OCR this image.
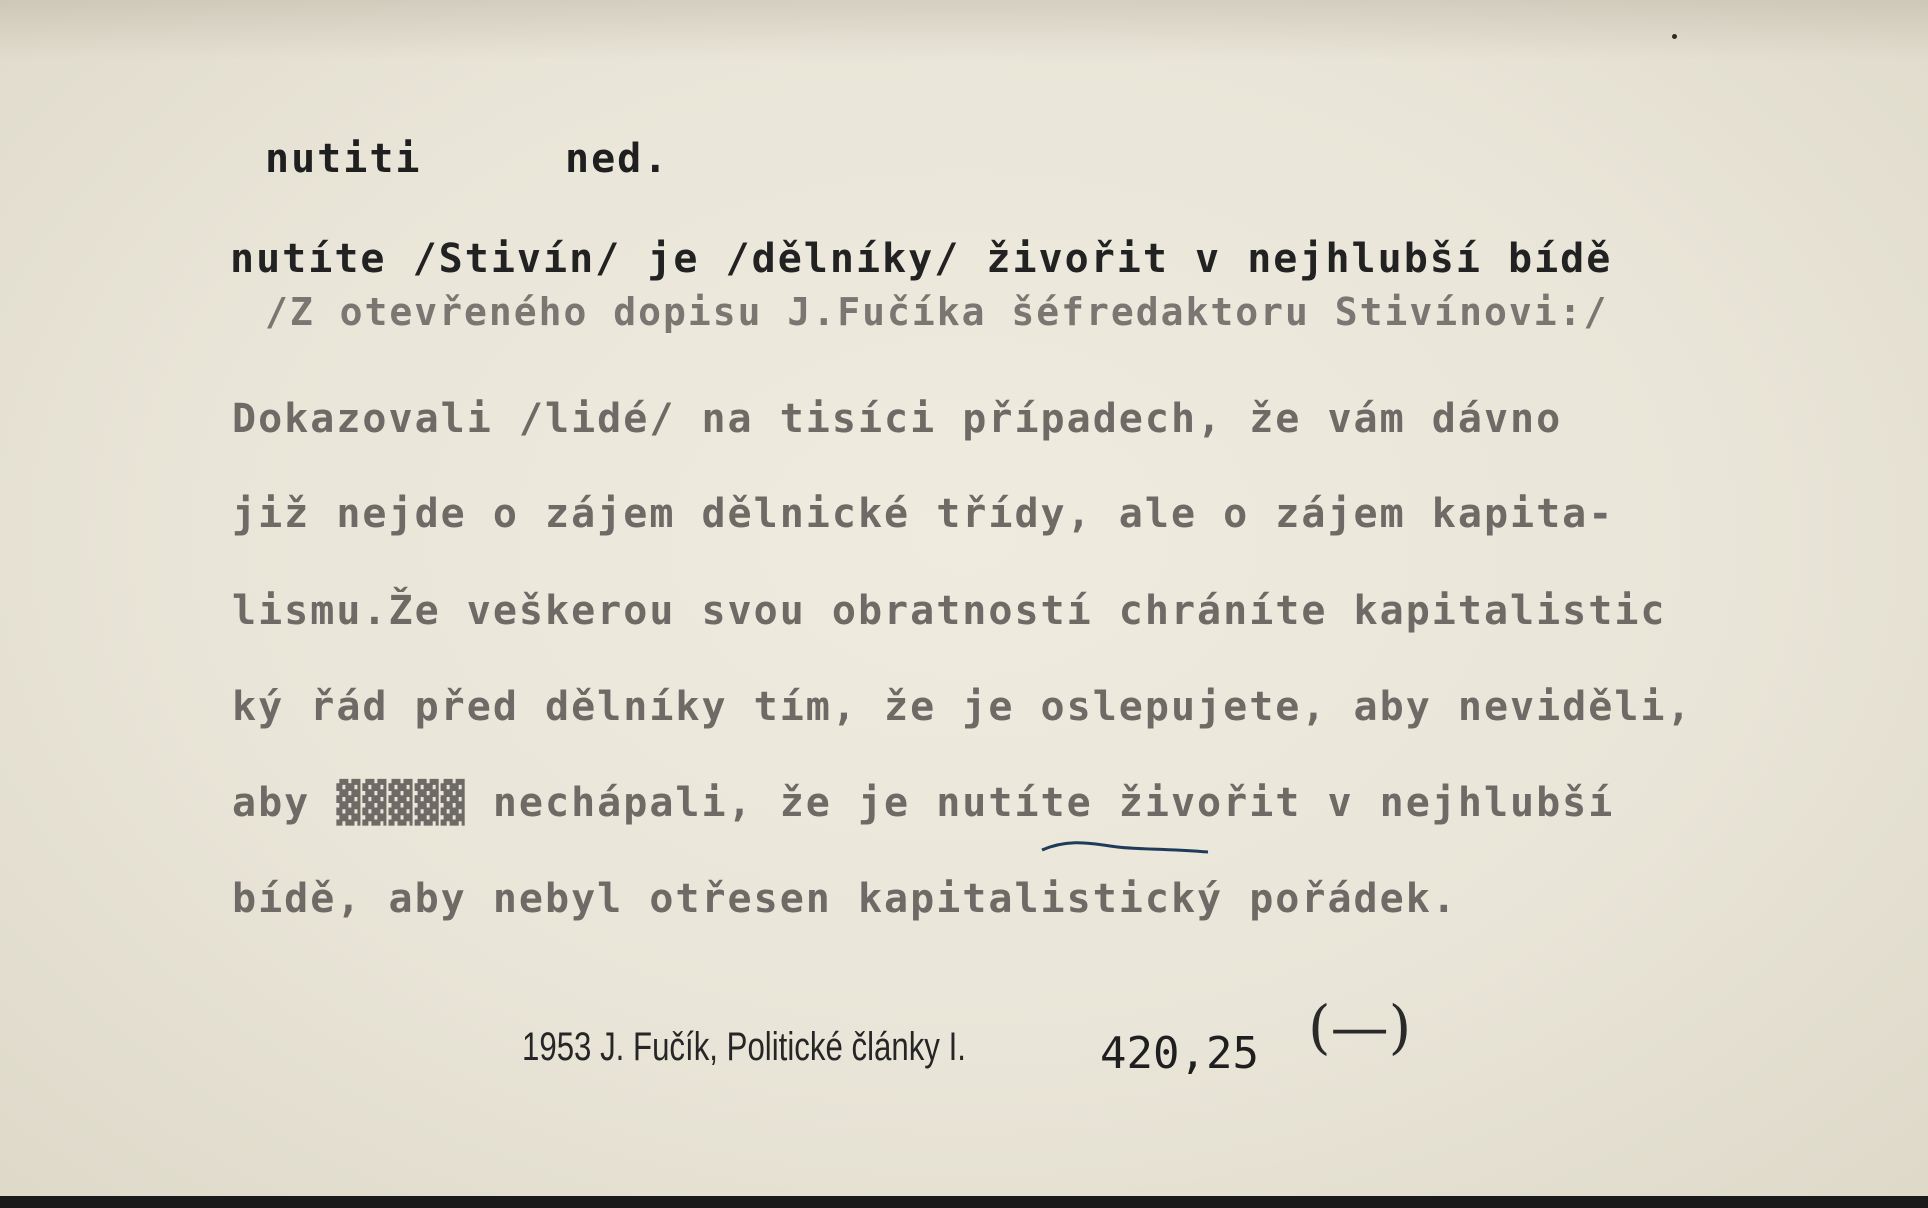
nutiti	ned.
nutíte /Stivín/ je /dělníky/ živořit v nejhlubší bídě
/Z otevřeného dopisu J.Fučíka šéfredaktoru Stivínovi:/
Dokazovali /lidé/ na tisíci případech, že vám dávno
již nejde o zájem dělnické třídy, ale o zájem kapita-
lismu.Že veškerou svou obratností chráníte kapitalistic
ký řád před dělníky tím, že je oslepujete, aby neviděli,
aby ▓▓▓▓▓ nechápali, že je nutíte živořit v nejhlubší
bídě, aby nebyl otřesen kapitalistický pořádek.
1953 J. Fučík, Politické články I.	420,25 (—)
